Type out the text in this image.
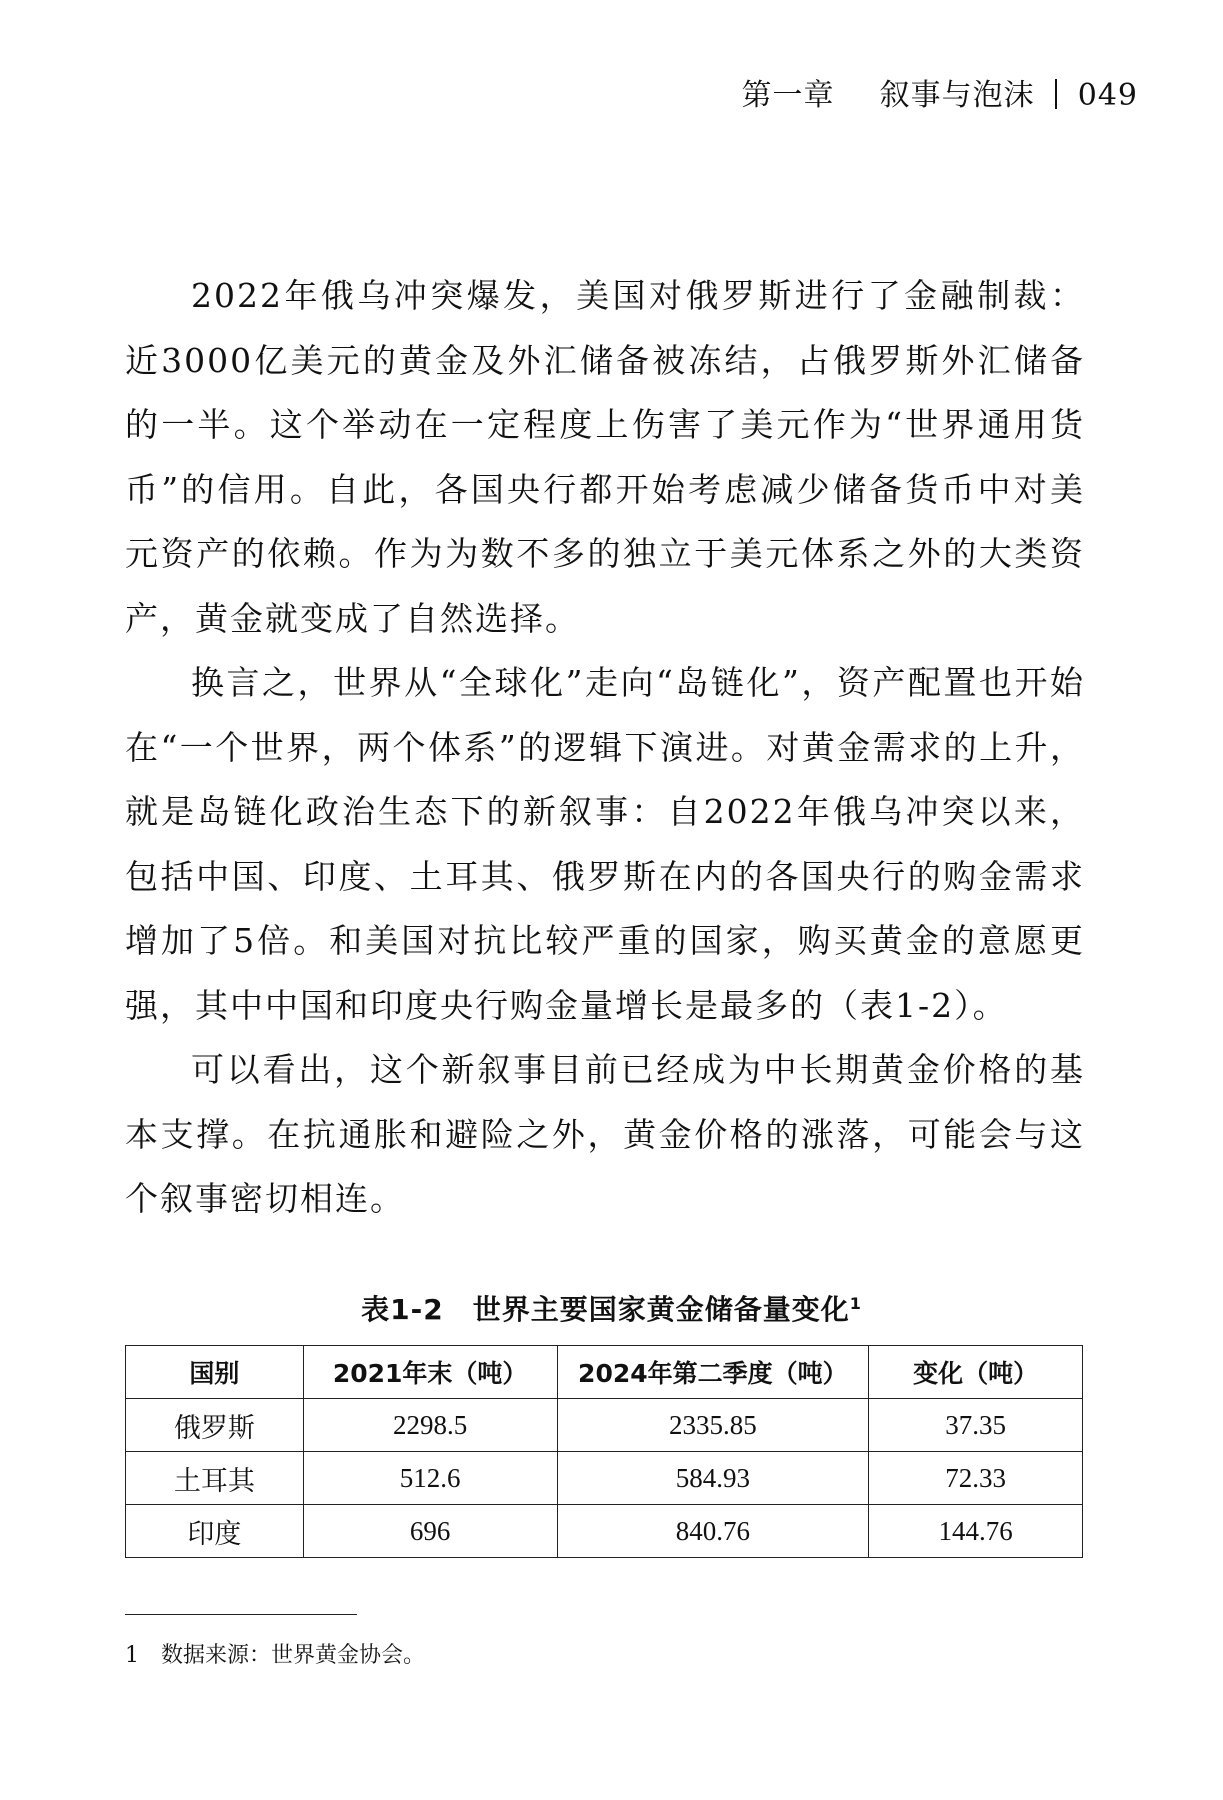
第一章 叙事与泡沫 049

2022年俄乌冲突爆发，美国对俄罗斯进行了金融制裁：近3000亿美元的黄金及外汇储备被冻结，占俄罗斯外汇储备的一半。这个举动在一定程度上伤害了美元作为“世界通用货币”的信用。自此，各国央行都开始考虑减少储备货币中对美元资产的依赖。作为为数不多的独立于美元体系之外的大类资产，黄金就变成了自然选择。

换言之，世界从“全球化”走向“岛链化”，资产配置也开始在“一个世界，两个体系”的逻辑下演进。对黄金需求的上升，就是岛链化政治生态下的新叙事：自2022年俄乌冲突以来，包括中国、印度、土耳其、俄罗斯在内的各国央行的购金需求增加了5倍。和美国对抗比较严重的国家，购买黄金的意愿更强，其中中国和印度央行购金量增长是最多的（表1-2）。

可以看出，这个新叙事目前已经成为中长期黄金价格的基本支撑。在抗通胀和避险之外，黄金价格的涨落，可能会与这个叙事密切相连。

表1-2　世界主要国家黄金储备量变化$^1$
国别	2021年末（吨）	2024年第二季度（吨）	变化（吨）
俄罗斯	2298.5	2335.85	37.35
土耳其	512.6	584.93	72.33
印度	696	840.76	144.76
1 数据来源：世界黄金协会。
